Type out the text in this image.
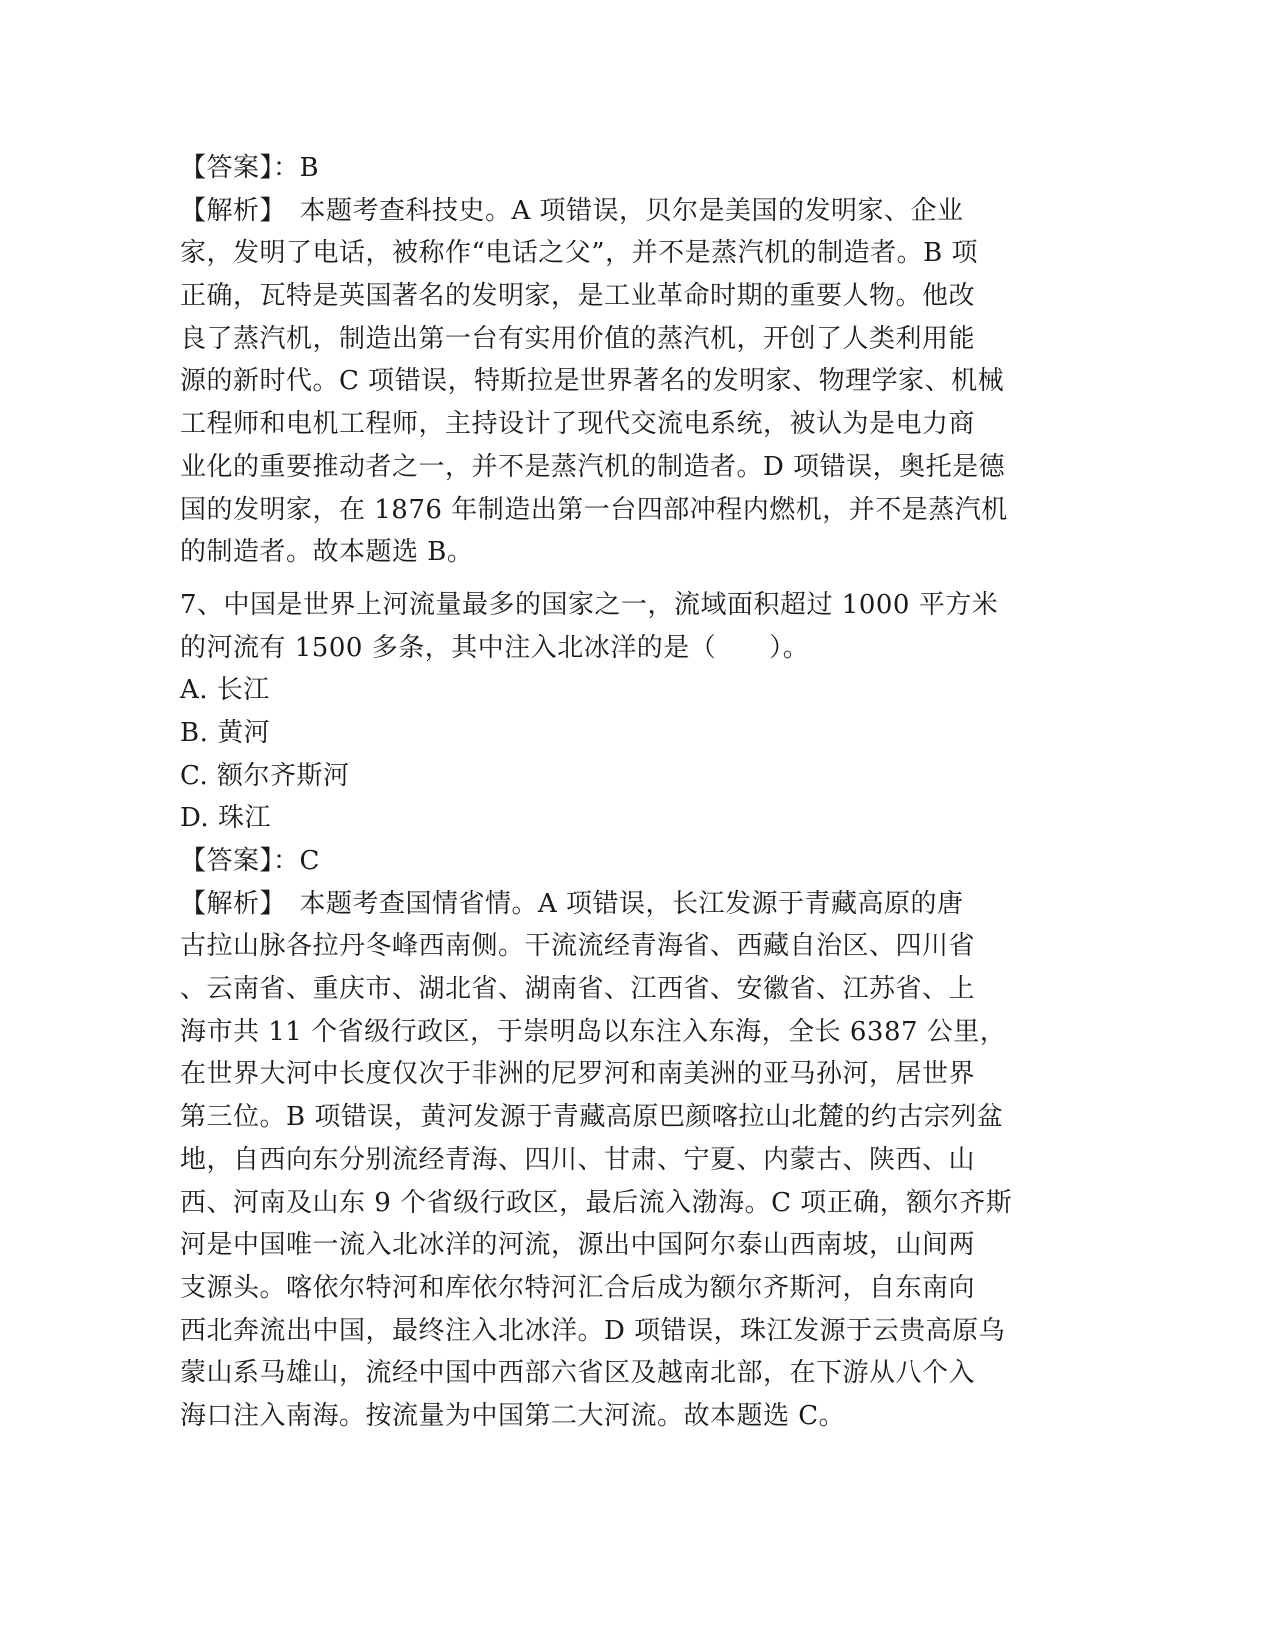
【答案】：B
【解析】　本题考查科技史。A 项错误，贝尔是美国的发明家、企业
家，发明了电话，被称作“电话之父”，并不是蒸汽机的制造者。B 项
正确，瓦特是英国著名的发明家，是工业革命时期的重要人物。他改
良了蒸汽机，制造出第一台有实用价值的蒸汽机，开创了人类利用能
源的新时代。C 项错误，特斯拉是世界著名的发明家、物理学家、机械
工程师和电机工程师，主持设计了现代交流电系统，被认为是电力商
业化的重要推动者之一，并不是蒸汽机的制造者。D 项错误，奥托是德
国的发明家，在 1876 年制造出第一台四部冲程内燃机，并不是蒸汽机
的制造者。故本题选 B。
7、中国是世界上河流量最多的国家之一，流域面积超过 1000 平方米
的河流有 1500 多条，其中注入北冰洋的是（　　）。
A. 长江
B. 黄河
C. 额尔齐斯河
D. 珠江
【答案】：C
【解析】　本题考查国情省情。A 项错误，长江发源于青藏高原的唐
古拉山脉各拉丹冬峰西南侧。干流流经青海省、西藏自治区、四川省
、云南省、重庆市、湖北省、湖南省、江西省、安徽省、江苏省、上
海市共 11 个省级行政区，于崇明岛以东注入东海，全长 6387 公里，
在世界大河中长度仅次于非洲的尼罗河和南美洲的亚马孙河，居世界
第三位。B 项错误，黄河发源于青藏高原巴颜喀拉山北麓的约古宗列盆
地，自西向东分别流经青海、四川、甘肃、宁夏、内蒙古、陕西、山
西、河南及山东 9 个省级行政区，最后流入渤海。C 项正确，额尔齐斯
河是中国唯一流入北冰洋的河流，源出中国阿尔泰山西南坡，山间两
支源头。喀依尔特河和库依尔特河汇合后成为额尔齐斯河，自东南向
西北奔流出中国，最终注入北冰洋。D 项错误，珠江发源于云贵高原乌
蒙山系马雄山，流经中国中西部六省区及越南北部，在下游从八个入
海口注入南海。按流量为中国第二大河流。故本题选 C。
